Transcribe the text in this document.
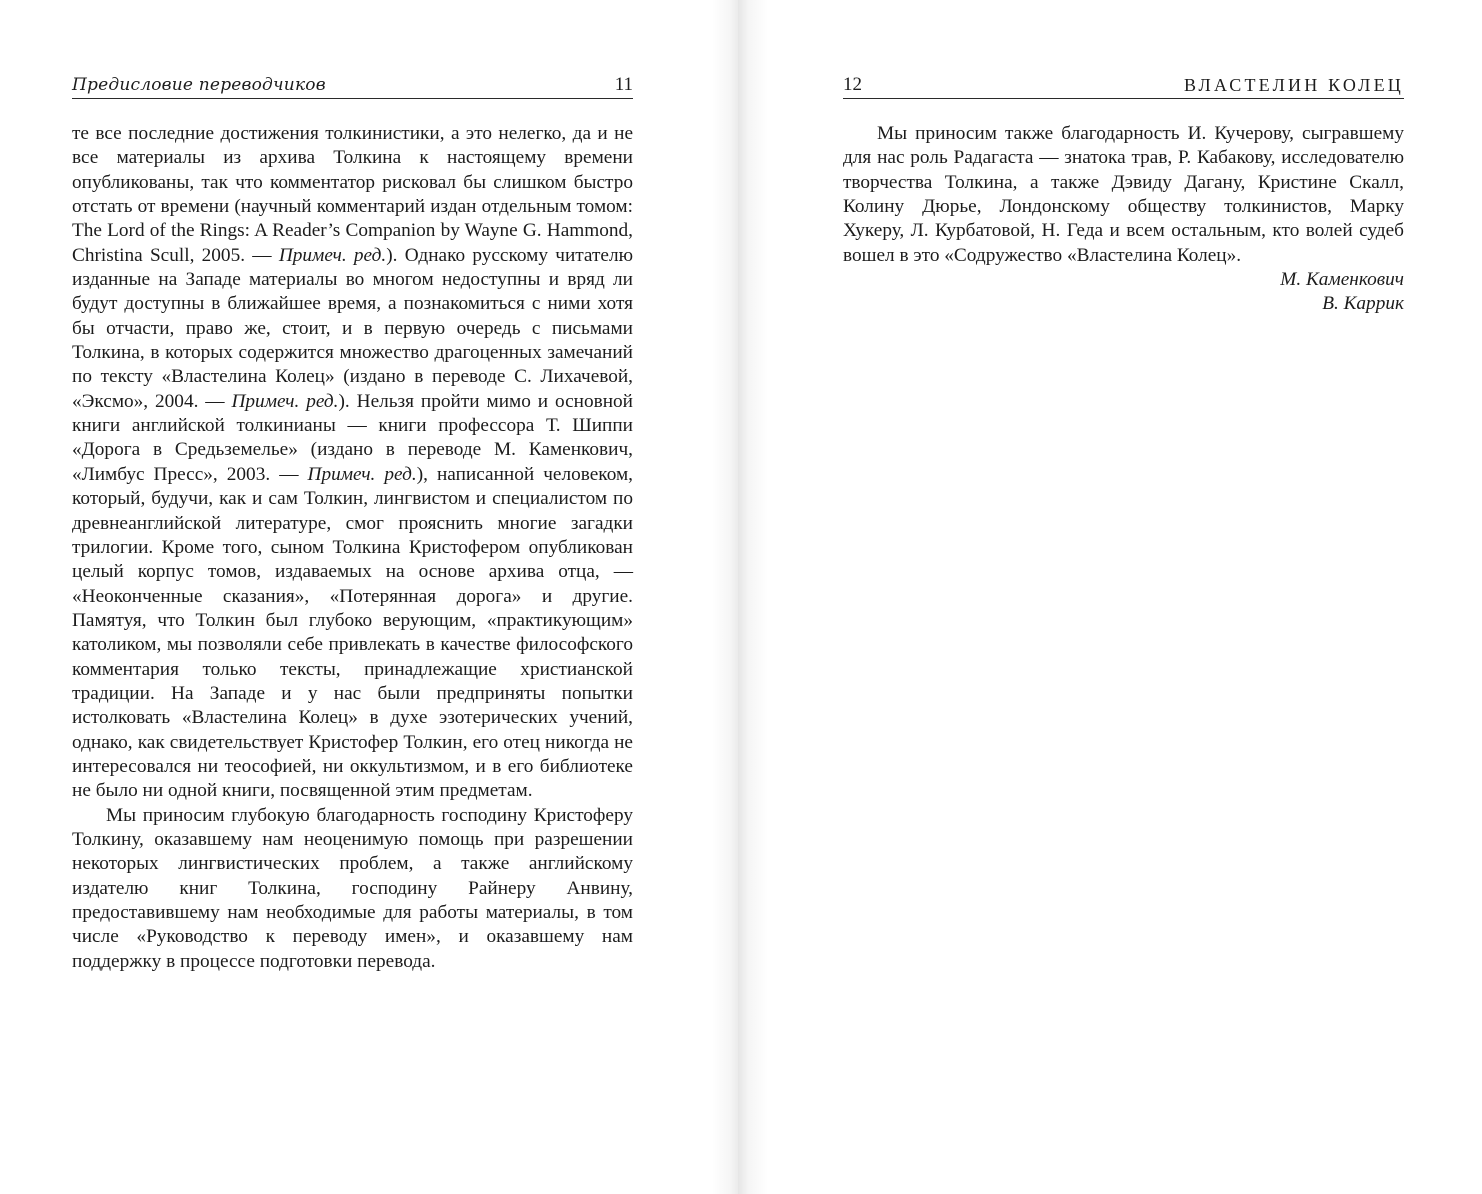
Предисловие переводчиков	11

те все последние достижения толкинистики, а это нелегко, да и не все материалы из архива Толкина к настоящему времени опубликованы, так что комментатор рисковал бы слишком быстро отстать от времени (научный комментарий издан отдельным томом: The Lord of the Rings: A Reader’s Companion by Wayne G. Hammond, Christina Scull, 2005. — Примеч. ред.). Однако русскому читателю изданные на Западе материалы во многом недоступны и вряд ли будут доступны в ближайшее время, а познакомиться с ними хотя бы отчасти, право же, стоит, и в первую очередь с письмами Толкина, в которых содержится множество драгоценных замечаний по тексту «Властелина Колец» (издано в переводе С. Лихачевой, «Эксмо», 2004. — Примеч. ред.). Нельзя пройти мимо и основной книги английской толкинианы — книги профессора Т. Шиппи «Дорога в Средьземелье» (издано в переводе М. Каменкович, «Лимбус Пресс», 2003. — Примеч. ред.), написанной человеком, который, будучи, как и сам Толкин, лингвистом и специалистом по древнеанглийской литературе, смог прояснить многие загадки трилогии. Кроме того, сыном Толкина Кристофером опубликован целый корпус томов, издаваемых на основе архива отца, — «Неоконченные сказания», «Потерянная дорога» и другие. Памятуя, что Толкин был глубоко верующим, «практикующим» католиком, мы позволяли себе привлекать в качестве философского комментария только тексты, принадлежащие христианской традиции. На Западе и у нас были предприняты попытки истолковать «Властелина Колец» в духе эзотерических учений, однако, как свидетельствует Кристофер Толкин, его отец никогда не интересовался ни теософией, ни оккультизмом, и в его библиотеке не было ни одной книги, посвященной этим предметам.

Мы приносим глубокую благодарность господину Кристоферу Толкину, оказавшему нам неоценимую помощь при разрешении некоторых лингвистических проблем, а также английскому издателю книг Толкина, господину Райнеру Анвину, предоставившему нам необходимые для работы материалы, в том числе «Руководство к переводу имен», и оказавшему нам поддержку в процессе подготовки перевода.

12	ВЛАСТЕЛИН КОЛЕЦ

Мы приносим также благодарность И. Кучерову, сыгравшему для нас роль Радагаста — знатока трав, Р. Кабакову, исследователю творчества Толкина, а также Дэвиду Дагану, Кристине Скалл, Колину Дюрье, Лондонскому обществу толкинистов, Марку Хукеру, Л. Курбатовой, Н. Геда и всем остальным, кто волей судеб вошел в это «Содружество «Властелина Колец».

М. Каменкович

В. Каррик
